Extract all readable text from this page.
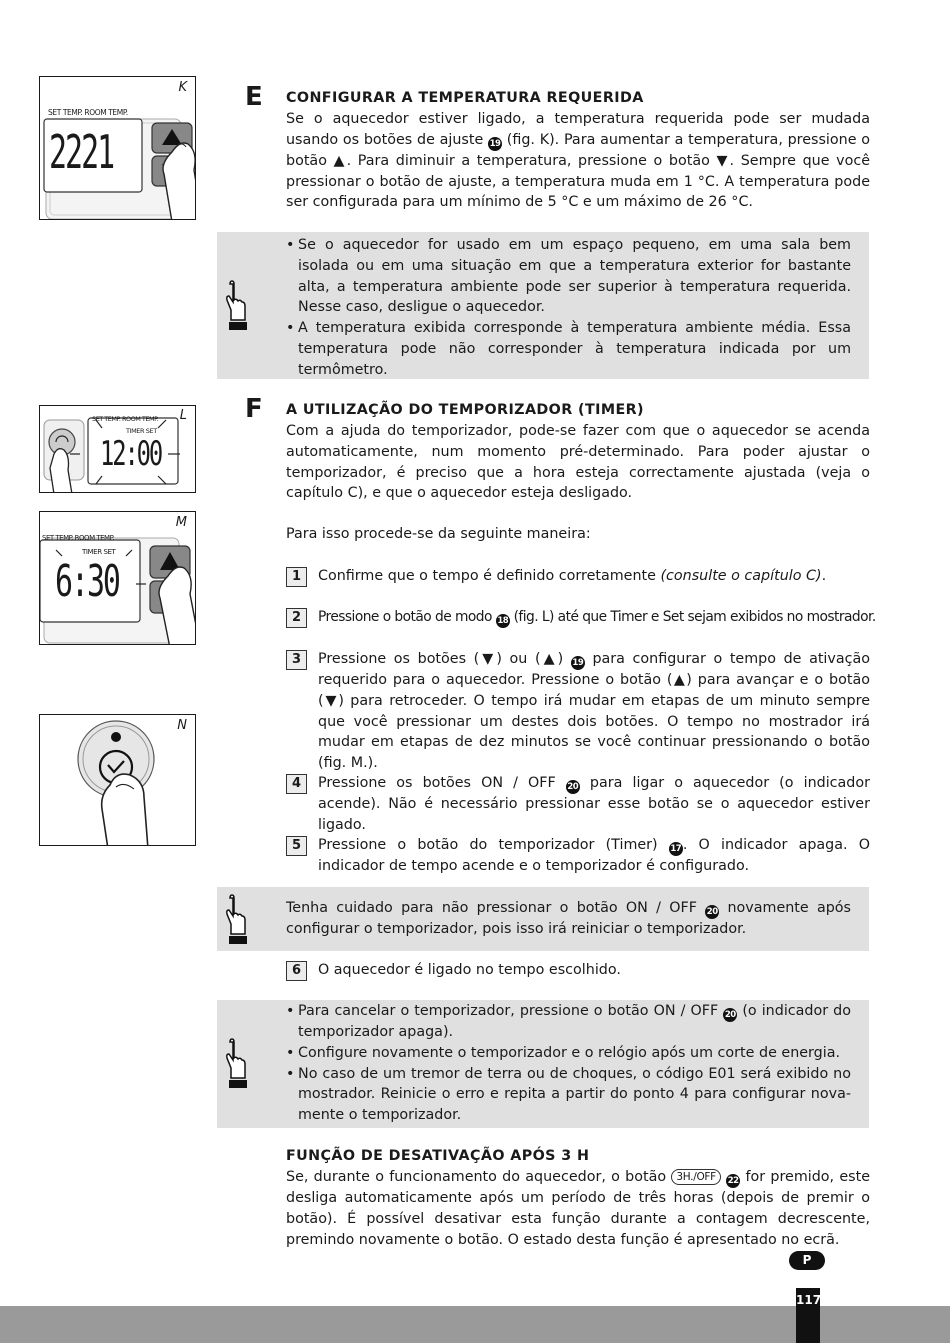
K
SET TEMP. ROOM TEMP.
2221
L
SET TEMP. ROOM TEMP.
TIMER SET
12:00
M
SET TEMP. ROOM TEMP.
TIMER SET
6:30
N
E CONFIGURAR A TEMPERATURA REQUERIDA
Se o aquecedor estiver ligado, a temperatura requerida pode ser mudada usando os botões de ajuste 19 (fig. K). Para aumentar a temperatura, pressione o botão ▲. Para diminuir a temperatura, pressione o botão ▼. Sempre que você pressionar o botão de ajuste, a temperatura muda em 1 °C. A temperatura pode ser configurada para um mínimo de 5 °C e um máximo de 26 °C.
• Se o aquecedor for usado em um espaço pequeno, em uma sala bem isolada ou em uma situação em que a temperatura exterior for bastante alta, a temperatura ambiente pode ser superior à temperatura requerida. Nesse caso, desligue o aquecedor.
• A temperatura exibida corresponde à temperatura ambiente média. Essa temperatura pode não corresponder à temperatura indicada por um termômetro.
F A UTILIZAÇÃO DO TEMPORIZADOR (TIMER)
Com a ajuda do temporizador, pode-se fazer com que o aquecedor se acenda automaticamente, num momento pré-determinado. Para poder ajustar o temporizador, é preciso que a hora esteja correctamente ajustada (veja o capítulo C), e que o aquecedor esteja desligado.
Para isso procede-se da seguinte maneira:
1	Confirme que o tempo é definido corretamente (consulte o capítulo C).
2	Pressione o botão de modo 18 (fig. L) até que Timer e Set sejam exibidos no mostrador.
3	Pressione os botões (▼) ou (▲) 19 para configurar o tempo de ativação requerido para o aquecedor. Pressione o botão (▲) para avançar e o botão (▼) para retroceder. O tempo irá mudar em etapas de um minuto sempre que você pressionar um destes dois botões. O tempo no mostrador irá mudar em etapas de dez minutos se você continuar pressionando o botão (fig. M.).
4	Pressione os botões ON / OFF 20 para ligar o aquecedor (o indicador acende). Não é necessário pressionar esse botão se o aquecedor estiver ligado.
5	Pressione o botão do temporizador (Timer) 17 . O indicador apaga. O indicador de tempo acende e o temporizador é configurado.
Tenha cuidado para não pressionar o botão ON / OFF 20 novamente após configurar o temporizador, pois isso irá reiniciar o temporizador.
6	O aquecedor é ligado no tempo escolhido.
• Para cancelar o temporizador, pressione o botão ON / OFF 20 (o indicador do temporizador apaga).
• Configure novamente o temporizador e o relógio após um corte de energia.
• No caso de um tremor de terra ou de choques, o código E01 será exibido no mostrador. Reinicie o erro e repita a partir do ponto 4 para configurar nova-mente o temporizador.
FUNÇÃO DE DESATIVAÇÃO APÓS 3 H
Se, durante o funcionamento do aquecedor, o botão 3H./OFF 22 for premido, este desliga automaticamente após um período de três horas (depois de premir o botão). É possível desativar esta função durante a contagem decrescente, premindo novamente o botão. O estado desta função é apresentado no ecrã.
P
117
